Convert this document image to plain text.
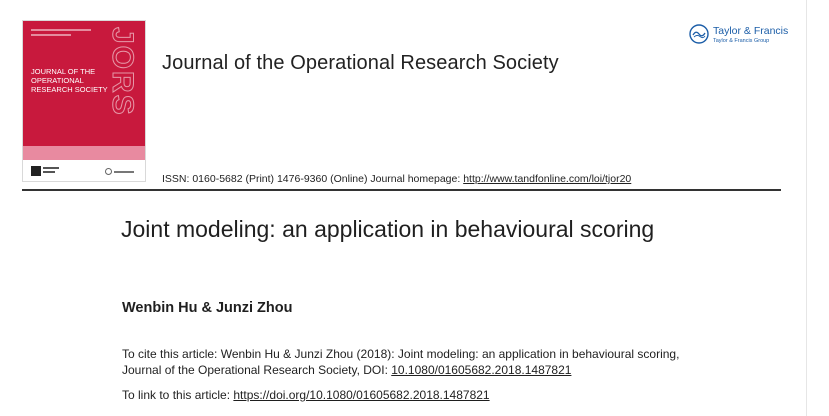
JORS
JOURNAL OF THE OPERATIONAL RESEARCH SOCIETY
Journal of the Operational Research Society
Taylor & Francis
Taylor & Francis Group
ISSN: 0160-5682 (Print) 1476-9360 (Online) Journal homepage: http://www.tandfonline.com/loi/tjor20
Joint modeling: an application in behavioural scoring
Wenbin Hu & Junzi Zhou
To cite this article: Wenbin Hu & Junzi Zhou (2018): Joint modeling: an application in behavioural scoring, Journal of the Operational Research Society, DOI: 10.1080/01605682.2018.1487821
To link to this article: https://doi.org/10.1080/01605682.2018.1487821
